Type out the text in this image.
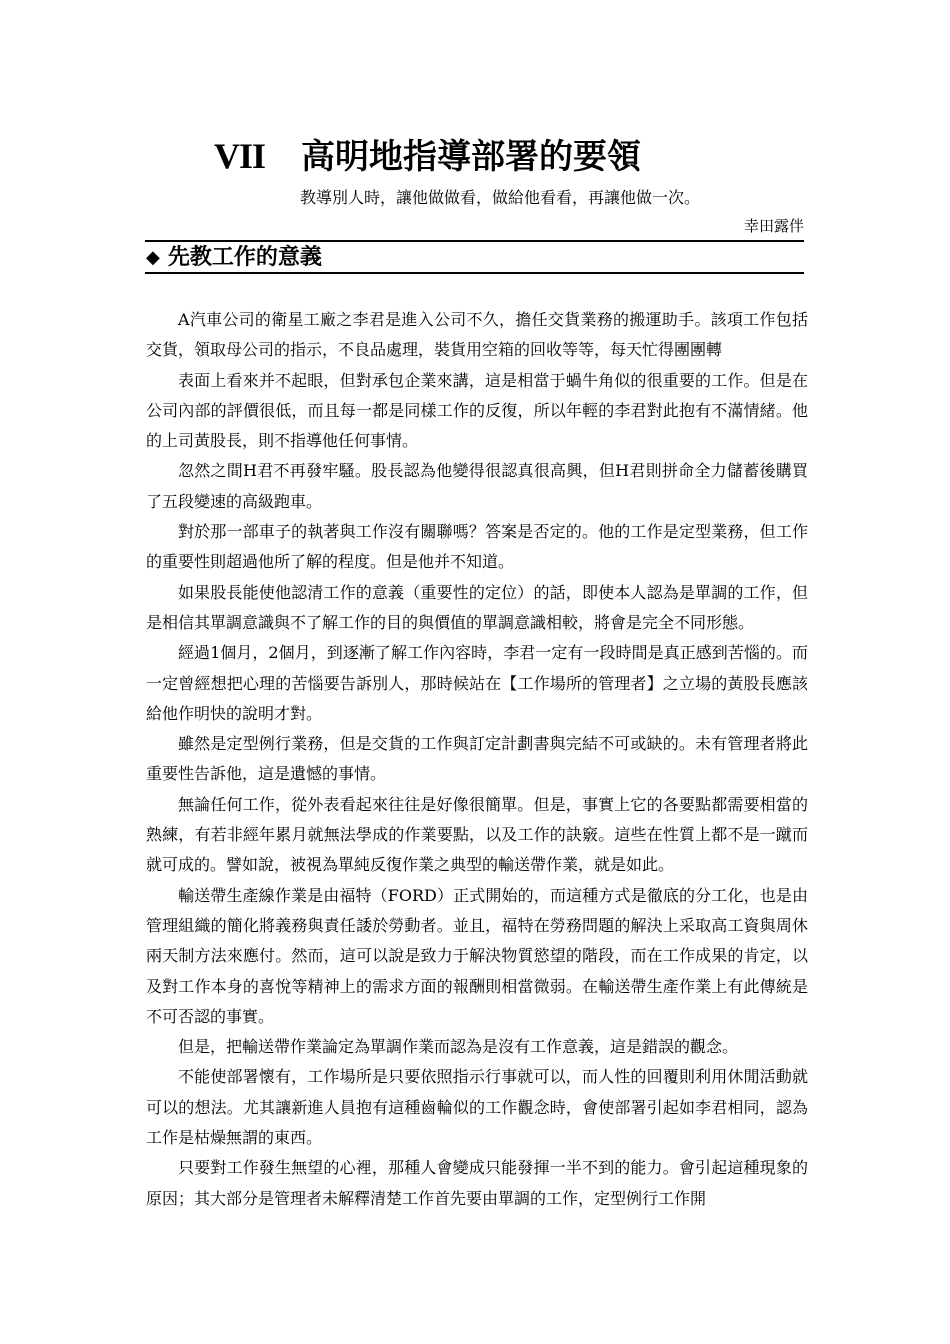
VII 高明地指導部署的要領
教導別人時，讓他做做看，做給他看看，再讓他做一次。
幸田露伴
◆ 先教工作的意義

A汽車公司的衛星工廠之李君是進入公司不久，擔任交貨業務的搬運助手。該項工作包括交貨，領取母公司的指示，不良品處理，裝貨用空箱的回收等等，每天忙得團團轉

表面上看來并不起眼，但對承包企業來講，這是相當于蝸牛角似的很重要的工作。但是在公司內部的評價很低，而且每一都是同樣工作的反復，所以年輕的李君對此抱有不滿情緒。他的上司黃股長，則不指導他任何事情。

忽然之間H君不再發牢騷。股長認為他變得很認真很高興，但H君則拼命全力儲蓄後購買了五段變速的高級跑車。

對於那一部車子的執著與工作沒有關聯嗎？答案是否定的。他的工作是定型業務，但工作的重要性則超過他所了解的程度。但是他并不知道。

如果股長能使他認清工作的意義（重要性的定位）的話，即使本人認為是單調的工作，但是相信其單調意識與不了解工作的目的與價值的單調意識相較，將會是完全不同形態。

經過1個月，2個月，到逐漸了解工作內容時，李君一定有一段時間是真正感到苦惱的。而一定曾經想把心理的苦惱要告訴別人，那時候站在【工作場所的管理者】之立場的黃股長應該給他作明快的說明才對。

雖然是定型例行業務，但是交貨的工作與訂定計劃書與完結不可或缺的。未有管理者將此重要性告訴他，這是遺憾的事情。

無論任何工作，從外表看起來往往是好像很簡單。但是，事實上它的各要點都需要相當的熟練，有若非經年累月就無法學成的作業要點，以及工作的訣竅。這些在性質上都不是一蹴而就可成的。譬如說，被視為單純反復作業之典型的輸送帶作業，就是如此。

輸送帶生產線作業是由福特（FORD）正式開始的，而這種方式是徹底的分工化，也是由管理組織的簡化將義務與責任諉於勞動者。並且，福特在勞務問題的解決上采取高工資與周休兩天制方法來應付。然而，這可以說是致力于解決物質慾望的階段，而在工作成果的肯定，以及對工作本身的喜悅等精神上的需求方面的報酬則相當微弱。在輸送帶生產作業上有此傳統是不可否認的事實。

但是，把輸送帶作業論定為單調作業而認為是沒有工作意義，這是錯誤的觀念。

不能使部署懷有，工作場所是只要依照指示行事就可以，而人性的回覆則利用休閒活動就可以的想法。尤其讓新進人員抱有這種齒輪似的工作觀念時，會使部署引起如李君相同，認為工作是枯燥無謂的東西。

只要對工作發生無望的心裡，那種人會變成只能發揮一半不到的能力。會引起這種現象的原因；其大部分是管理者未解釋清楚工作首先要由單調的工作，定型例行工作開
